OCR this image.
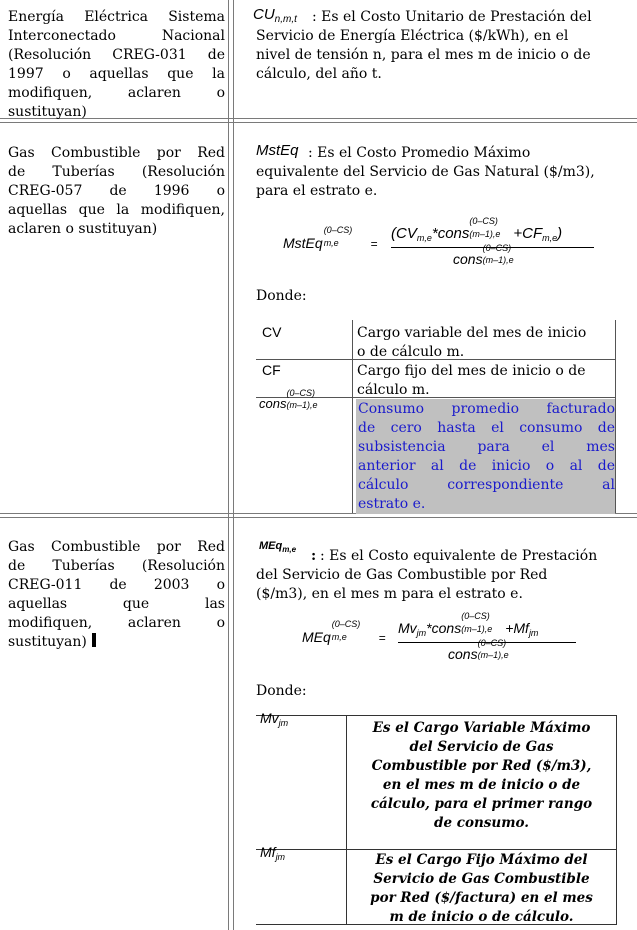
Energía Eléctrica Sistema
Interconectado Nacional
(Resolución CREG-031 de
1997 o aquellas que la
modifiquen, aclaren o
sustituyan)
$CU_{n,m,t}$	: Es el Costo Unitario de Prestación del
Servicio de Energía Eléctrica ($/kWh), en el
nivel de tensión n, para el mes m de inicio o de
cálculo, del año t.
Gas Combustible por Red
de Tuberías (Resolución
CREG-057 de 1996 o
aquellas que la modifiquen,
aclaren o sustituyan)
MstEq : Es el Costo Promedio Máximo
equivalente del Servicio de Gas Natural ($/m3),
para el estrato e.
MstEq
(0–CS)
m,e	=
($CV_{m,e}*cons$
(0–CS)
$(m-1),e +CF_{m,e}$)
cons
(0–CS)
(m–1),e
Donde:
CV	Cargo variable del mes de inicio
o de cálculo m.
CF	Cargo fijo del mes de inicio o de
cálculo m.
cons
(0–CS)
(m–1),e	Consumo promedio facturado
de cero hasta el consumo de
subsistencia para el mes
anterior al de inicio o al de
cálculo correspondiente al
estrato e.
Gas Combustible por Red
de Tuberías (Resolución
CREG-011 de 2003 o
aquellas que las
modifiquen, aclaren o
sustituyan)
MEq$_{m,e}$ : : Es el Costo equivalente de Prestación
del Servicio de Gas Combustible por Red
($/m3), en el mes m para el estrato e.
MEq
(0–CS)
m,e	=
$Mv_{jm}*cons$
(0–CS)
$(m-1),e +Mf_{jm}$
cons
(0–CS)
(m–1),e
Donde:
$Mv_{jm}$	Es el Cargo Variable Máximo
del Servicio de Gas
Combustible por Red ($/m3),
en el mes m de inicio o de
cálculo, para el primer rango
de consumo.
$Mf_{jm}$	Es el Cargo Fijo Máximo del
Servicio de Gas Combustible
por Red ($/factura) en el mes
m de inicio o de cálculo.
